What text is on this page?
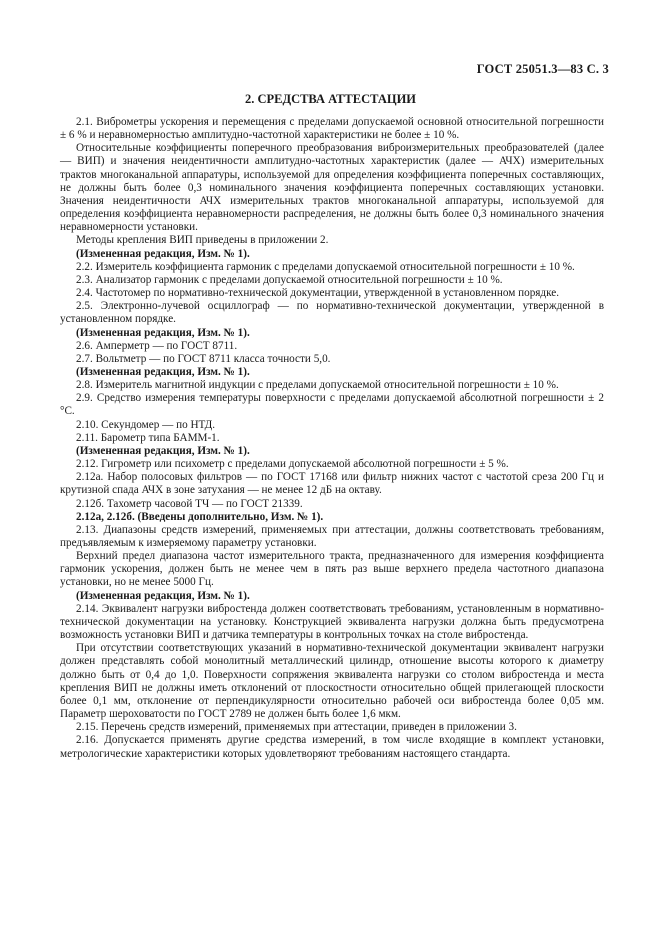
ГОСТ 25051.3—83 С. 3
2. СРЕДСТВА АТТЕСТАЦИИ

2.1. Виброметры ускорения и перемещения с пределами допускаемой основной относительной погрешности ± 6 % и неравномерностью амплитудно-частотной характеристики не более ± 10 %.

Относительные коэффициенты поперечного преобразования виброизмерительных преобразователей (далее — ВИП) и значения неидентичности амплитудно-частотных характеристик (далее — АЧХ) измерительных трактов многоканальной аппаратуры, используемой для определения коэффициента поперечных составляющих, не должны быть более 0,3 номинального значения коэффициента поперечных составляющих установки. Значения неидентичности АЧХ измерительных трактов многоканальной аппаратуры, используемой для определения коэффициента неравномерности распределения, не должны быть более 0,3 номинального значения неравномерности установки.

Методы крепления ВИП приведены в приложении 2.

(Измененная редакция, Изм. № 1).

2.2. Измеритель коэффициента гармоник с пределами допускаемой относительной погрешности ± 10 %.

2.3. Анализатор гармоник с пределами допускаемой относительной погрешности ± 10 %.

2.4. Частотомер по нормативно-технической документации, утвержденной в установленном порядке.

2.5. Электронно-лучевой осциллограф — по нормативно-технической документации, утвержденной в установленном порядке.

(Измененная редакция, Изм. № 1).

2.6. Амперметр — по ГОСТ 8711.

2.7. Вольтметр — по ГОСТ 8711 класса точности 5,0.

(Измененная редакция, Изм. № 1).

2.8. Измеритель магнитной индукции с пределами допускаемой относительной погрешности ± 10 %.

2.9. Средство измерения температуры поверхности с пределами допускаемой абсолютной погрешности ± 2 °С.

2.10. Секундомер — по НТД.

2.11. Барометр типа БАММ-1.

(Измененная редакция, Изм. № 1).

2.12. Гигрометр или психометр с пределами допускаемой абсолютной погрешности ± 5 %.

2.12а. Набор полосовых фильтров — по ГОСТ 17168 или фильтр нижних частот с частотой среза 200 Гц и крутизной спада АЧХ в зоне затухания — не менее 12 дБ на октаву.

2.12б. Тахометр часовой ТЧ — по ГОСТ 21339.

2.12а, 2.12б. (Введены дополнительно, Изм. № 1).

2.13. Диапазоны средств измерений, применяемых при аттестации, должны соответствовать требованиям, предъявляемым к измеряемому параметру установки.

Верхний предел диапазона частот измерительного тракта, предназначенного для измерения коэффициента гармоник ускорения, должен быть не менее чем в пять раз выше верхнего предела частотного диапазона установки, но не менее 5000 Гц.

(Измененная редакция, Изм. № 1).

2.14. Эквивалент нагрузки вибростенда должен соответствовать требованиям, установленным в нормативно-технической документации на установку. Конструкцией эквивалента нагрузки должна быть предусмотрена возможность установки ВИП и датчика температуры в контрольных точках на столе вибростенда.

При отсутствии соответствующих указаний в нормативно-технической документации эквивалент нагрузки должен представлять собой монолитный металлический цилиндр, отношение высоты которого к диаметру должно быть от 0,4 до 1,0. Поверхности сопряжения эквивалента нагрузки со столом вибростенда и места крепления ВИП не должны иметь отклонений от плоскостности относительно общей прилегающей плоскости более 0,1 мм, отклонение от перпендикулярности относительно рабочей оси вибростенда более 0,05 мм. Параметр шероховатости по ГОСТ 2789 не должен быть более 1,6 мкм.

2.15. Перечень средств измерений, применяемых при аттестации, приведен в приложении 3.

2.16. Допускается применять другие средства измерений, в том числе входящие в комплект установки, метрологические характеристики которых удовлетворяют требованиям настоящего стандарта.
